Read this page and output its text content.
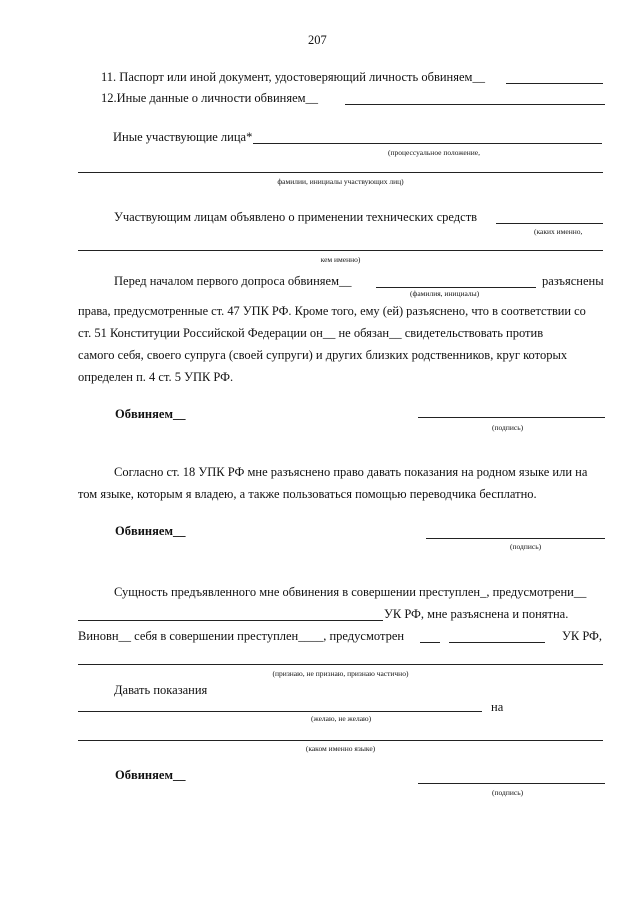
207
11. Паспорт или иной документ, удостоверяющий личность обвиняем__
12.Иные данные о личности обвиняем__
Иные участвующие лица*
(процессуальное положение,
фамилии, инициалы участвующих лиц)
Участвующим лицам объявлено о применении технических средств
(каких именно,
кем именно)
Перед началом первого допроса обвиняем__	разъяснены
(фамилия, инициалы)
права, предусмотренные ст. 47 УПК РФ. Кроме того, ему (ей) разъяснено, что в соответствии со
ст. 51 Конституции Российской Федерации он__ не обязан__ свидетельствовать против
самого себя, своего супруга (своей супруги) и других близких родственников, круг которых
определен п. 4 ст. 5 УПК РФ.
Обвиняем__
(подпись)
Согласно ст. 18 УПК РФ мне разъяснено право давать показания на родном языке или на
том языке, которым я владею, а также пользоваться помощью переводчика бесплатно.
Обвиняем__
(подпись)
Сущность предъявленного мне обвинения в совершении преступлен_, предусмотрени__
УК РФ, мне разъяснена и понятна.
Виновн__ себя в совершении преступлен____, предусмотрен	УК РФ,
(признаю, не признаю, признаю частично)
Давать показания
на
(желаю, не желаю)
(каком именно языке)
Обвиняем__
(подпись)
